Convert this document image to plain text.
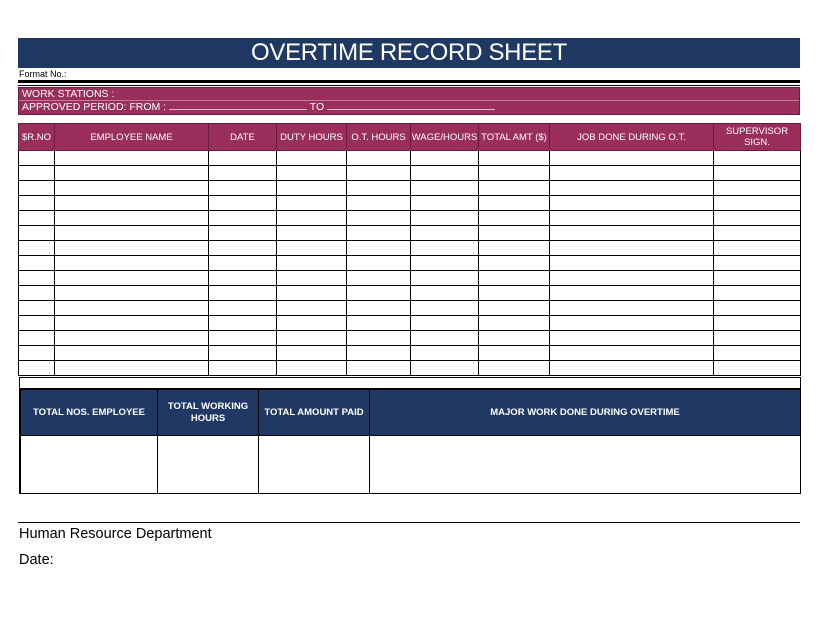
OVERTIME RECORD SHEET
Format No.:
WORK STATIONS :
APPROVED PERIOD: FROM :	TO
$R.NO	EMPLOYEE NAME	DATE	DUTY HOURS	O.T. HOURS	WAGE/HOURS	TOTAL AMT ($)	JOB DONE DURING O.T.	SUPERVISOR SIGN.

TOTAL NOS. EMPLOYEE	TOTAL WORKING HOURS	TOTAL AMOUNT PAID	MAJOR WORK DONE DURING OVERTIME

Human Resource Department
Date:
